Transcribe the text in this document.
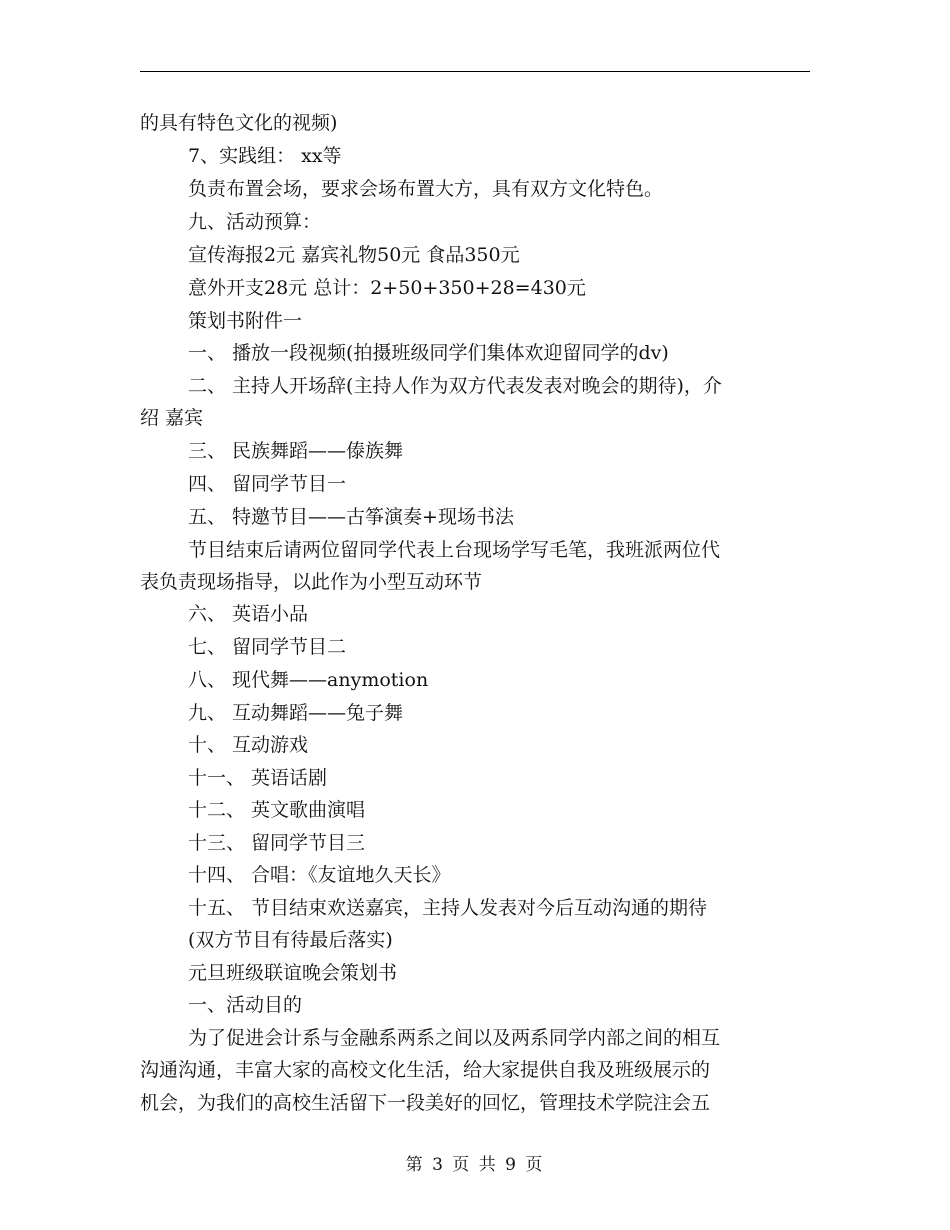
的具有特色文化的视频)
7、实践组： xx等
负责布置会场，要求会场布置大方，具有双方文化特色。
九、活动预算：
宣传海报2元 嘉宾礼物50元 食品350元
意外开支28元 总计：2+50+350+28=430元
策划书附件一
一、 播放一段视频(拍摄班级同学们集体欢迎留同学的dv)
二、 主持人开场辞(主持人作为双方代表发表对晚会的期待)，介
绍 嘉宾
三、 民族舞蹈——傣族舞
四、 留同学节目一
五、 特邀节目——古筝演奏+现场书法
节目结束后请两位留同学代表上台现场学写毛笔，我班派两位代
表负责现场指导，以此作为小型互动环节
六、 英语小品
七、 留同学节目二
八、 现代舞——anymotion
九、 互动舞蹈——兔子舞
十、 互动游戏
十一、 英语话剧
十二、 英文歌曲演唱
十三、 留同学节目三
十四、 合唱：《友谊地久天长》
十五、 节目结束欢送嘉宾，主持人发表对今后互动沟通的期待
(双方节目有待最后落实)
元旦班级联谊晚会策划书
一、活动目的
为了促进会计系与金融系两系之间以及两系同学内部之间的相互
沟通沟通，丰富大家的高校文化生活，给大家提供自我及班级展示的
机会，为我们的高校生活留下一段美好的回忆，管理技术学院注会五
第 3 页 共 9 页
